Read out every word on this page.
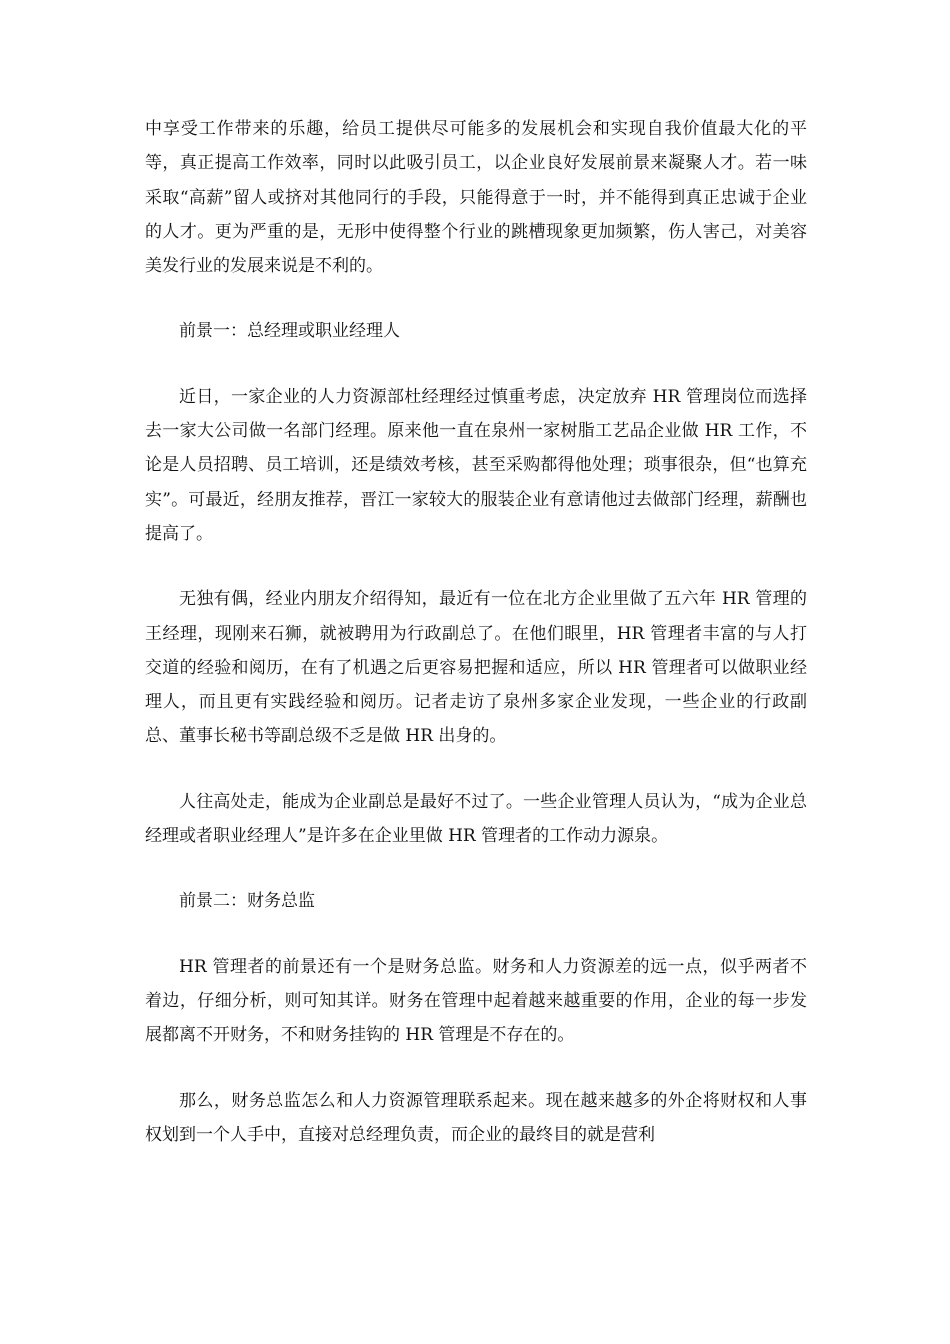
中享受工作带来的乐趣，给员工提供尽可能多的发展机会和实现自我价值最大化的平等，真正提高工作效率，同时以此吸引员工，以企业良好发展前景来凝聚人才。若一味采取“高薪”留人或挤对其他同行的手段，只能得意于一时，并不能得到真正忠诚于企业的人才。更为严重的是，无形中使得整个行业的跳槽现象更加频繁，伤人害己，对美容美发行业的发展来说是不利的。

前景一：总经理或职业经理人

近日，一家企业的人力资源部杜经理经过慎重考虑，决定放弃 HR 管理岗位而选择去一家大公司做一名部门经理。原来他一直在泉州一家树脂工艺品企业做 HR 工作，不论是人员招聘、员工培训，还是绩效考核，甚至采购都得他处理；琐事很杂，但“也算充实”。可最近，经朋友推荐，晋江一家较大的服装企业有意请他过去做部门经理，薪酬也提高了。

无独有偶，经业内朋友介绍得知，最近有一位在北方企业里做了五六年 HR 管理的王经理，现刚来石狮，就被聘用为行政副总了。在他们眼里，HR 管理者丰富的与人打交道的经验和阅历，在有了机遇之后更容易把握和适应，所以 HR 管理者可以做职业经理人，而且更有实践经验和阅历。记者走访了泉州多家企业发现，一些企业的行政副总、董事长秘书等副总级不乏是做 HR 出身的。

人往高处走，能成为企业副总是最好不过了。一些企业管理人员认为，“成为企业总经理或者职业经理人”是许多在企业里做 HR 管理者的工作动力源泉。

前景二：财务总监

HR 管理者的前景还有一个是财务总监。财务和人力资源差的远一点，似乎两者不着边，仔细分析，则可知其详。财务在管理中起着越来越重要的作用，企业的每一步发展都离不开财务，不和财务挂钩的 HR 管理是不存在的。

那么，财务总监怎么和人力资源管理联系起来。现在越来越多的外企将财权和人事权划到一个人手中，直接对总经理负责，而企业的最终目的就是营利
